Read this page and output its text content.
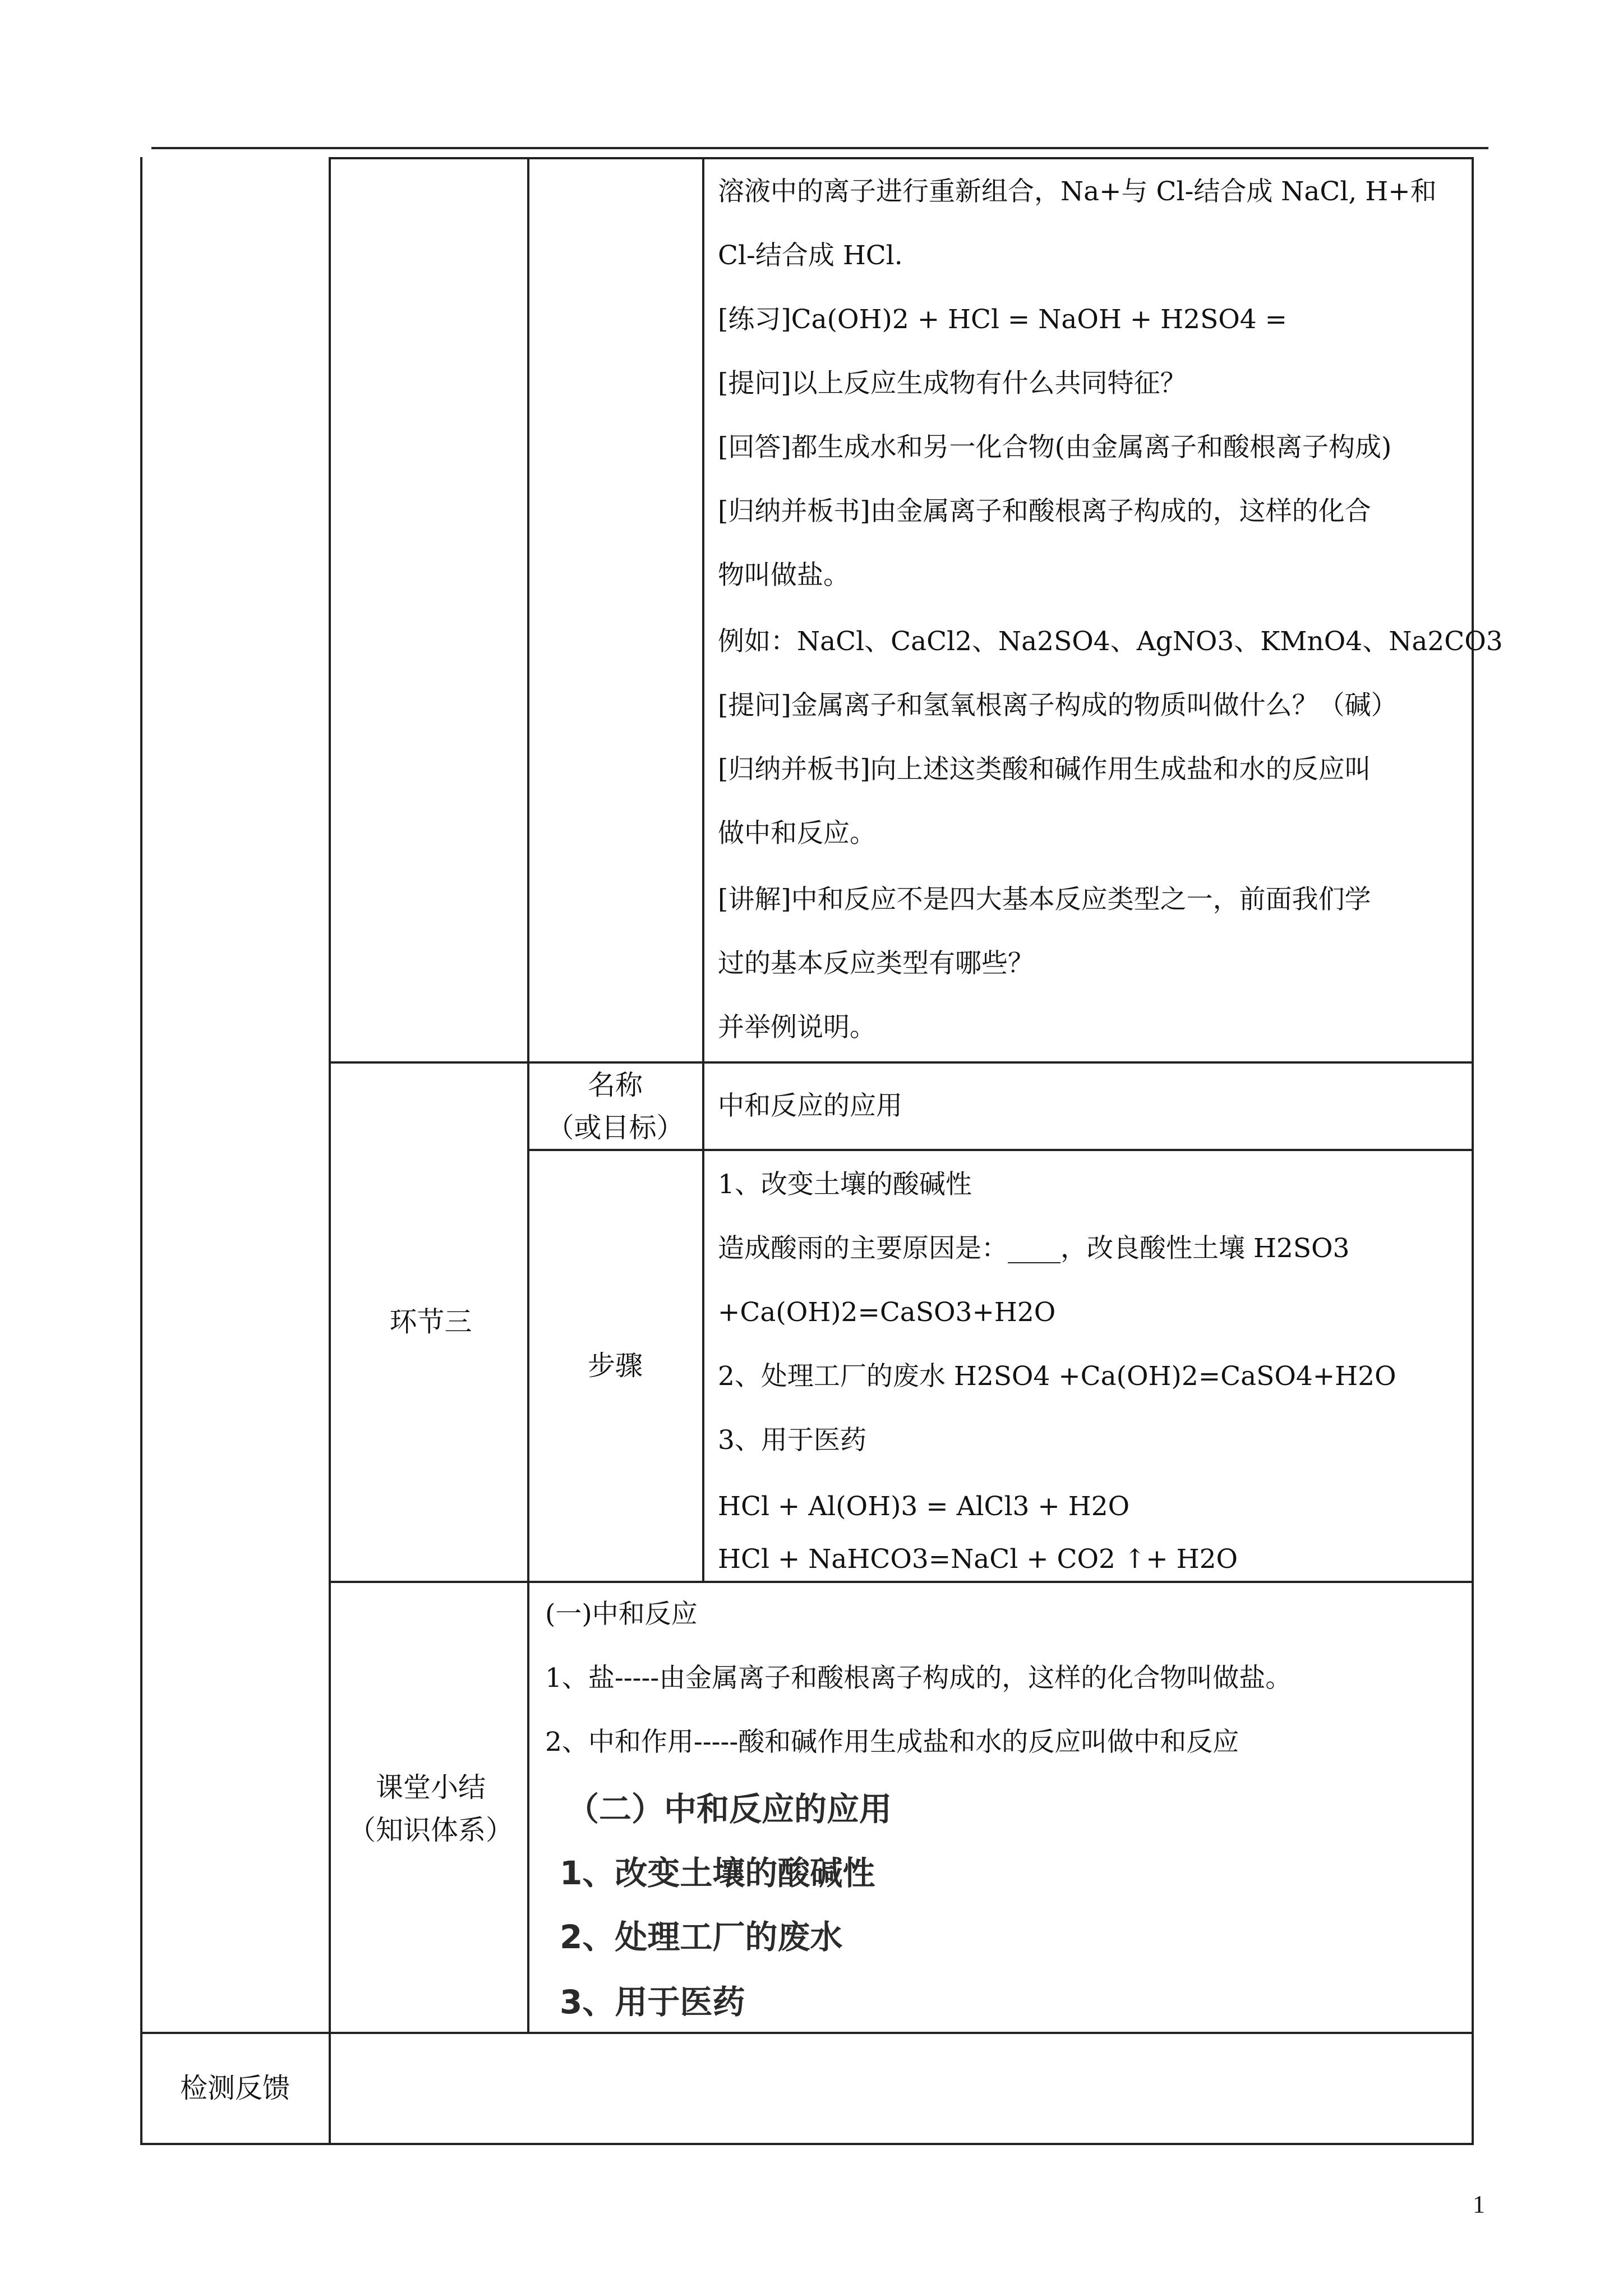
溶液中的离子进行重新组合，Na+与 Cl-结合成 NaCl, H+和
Cl-结合成 HCl.
[练习]Ca(OH)2 + HCl = NaOH + H2SO4 =
[提问]以上反应生成物有什么共同特征？
[回答]都生成水和另一化合物(由金属离子和酸根离子构成)
[归纳并板书]由金属离子和酸根离子构成的，这样的化合
物叫做盐。
例如：NaCl、CaCl2、Na2SO4、AgNO3、KMnO4、Na2CO3
[提问]金属离子和氢氧根离子构成的物质叫做什么？（碱）
[归纳并板书]向上述这类酸和碱作用生成盐和水的反应叫
做中和反应。
[讲解]中和反应不是四大基本反应类型之一，前面我们学
过的基本反应类型有哪些？
并举例说明。
环节三
名称
（或目标）
中和反应的应用
步骤
1、改变土壤的酸碱性
造成酸雨的主要原因是：____，改良酸性土壤 H2SO3
+Ca(OH)2=CaSO3+H2O
2、处理工厂的废水 H2SO4 +Ca(OH)2=CaSO4+H2O
3、用于医药
HCl + Al(OH)3 = AlCl3 + H2O
HCl + NaHCO3=NaCl + CO2 ↑+ H2O
课堂小结
（知识体系）
(一)中和反应
1、盐-----由金属离子和酸根离子构成的，这样的化合物叫做盐。
2、中和作用-----酸和碱作用生成盐和水的反应叫做中和反应
（二）中和反应的应用
1、改变土壤的酸碱性
2、处理工厂的废水
3、用于医药
检测反馈
1
